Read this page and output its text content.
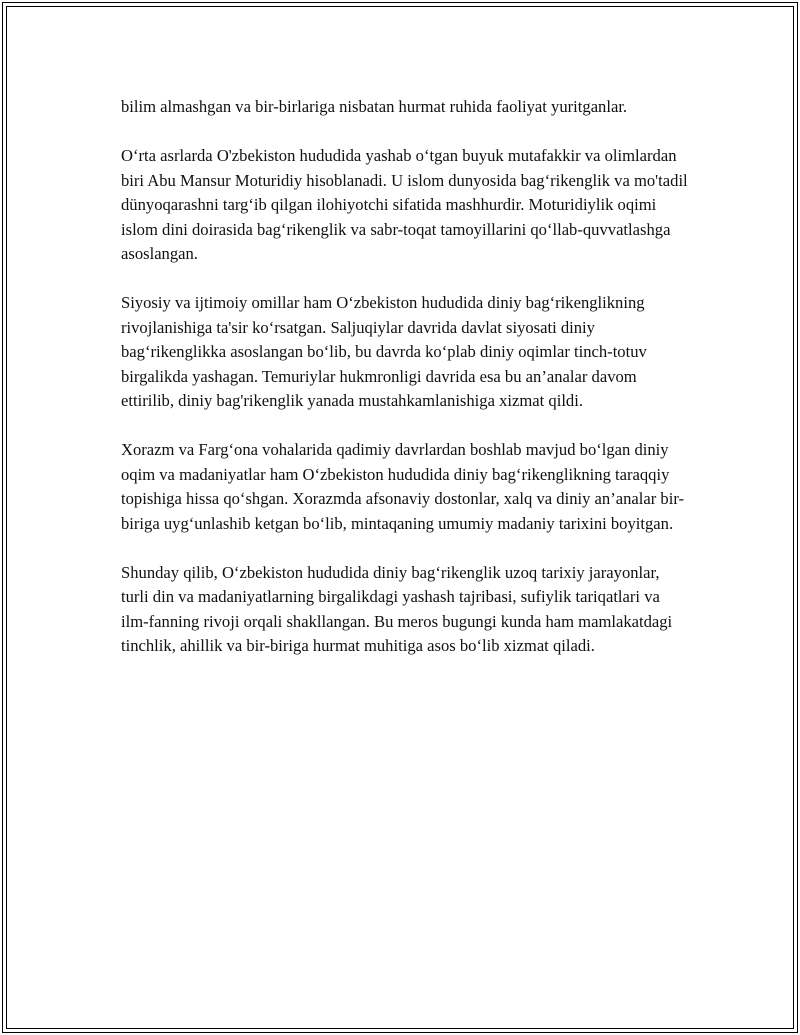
bilim almashgan va bir-birlariga nisbatan hurmat ruhida faoliyat yuritganlar.

O‘rta asrlarda O'zbekiston hududida yashab o‘tgan buyuk mutafakkir va olimlardan biri Abu Mansur Moturidiy hisoblanadi. U islom dunyosida bag‘rikenglik va mo'tadil dünyoqarashni targ‘ib qilgan ilohiyotchi sifatida mashhurdir. Moturidiylik oqimi islom dini doirasida bag‘rikenglik va sabr-toqat tamoyillarini qo‘llab-quvvatlashga asoslangan.

Siyosiy va ijtimoiy omillar ham O‘zbekiston hududida diniy bag‘rikenglikning rivojlanishiga ta'sir ko‘rsatgan. Saljuqiylar davrida davlat siyosati diniy bag‘rikenglikka asoslangan bo‘lib, bu davrda ko‘plab diniy oqimlar tinch-totuv birgalikda yashagan. Temuriylar hukmronligi davrida esa bu an’analar davom ettirilib, diniy bag'rikenglik yanada mustahkamlanishiga xizmat qildi.

Xorazm va Farg‘ona vohalarida qadimiy davrlardan boshlab mavjud bo‘lgan diniy oqim va madaniyatlar ham O‘zbekiston hududida diniy bag‘rikenglikning taraqqiy topishiga hissa qo‘shgan. Xorazmda afsonaviy dostonlar, xalq va diniy an’analar bir-biriga uyg‘unlashib ketgan bo‘lib, mintaqaning umumiy madaniy tarixini boyitgan.

Shunday qilib, O‘zbekiston hududida diniy bag‘rikenglik uzoq tarixiy jarayonlar, turli din va madaniyatlarning birgalikdagi yashash tajribasi, sufiylik tariqatlari va ilm-fanning rivoji orqali shakllangan. Bu meros bugungi kunda ham mamlakatdagi tinchlik, ahillik va bir-biriga hurmat muhitiga asos bo‘lib xizmat qiladi.
